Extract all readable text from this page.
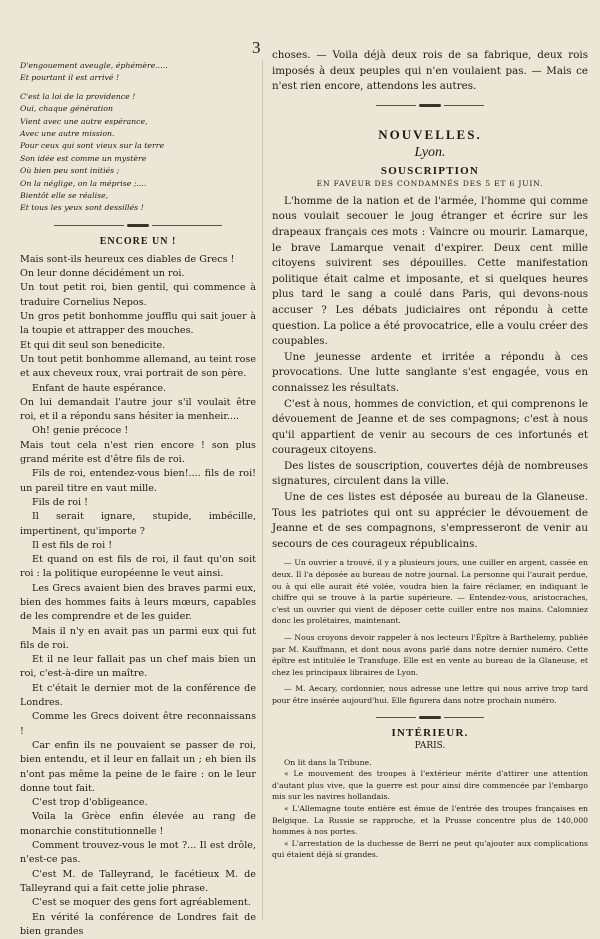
3

D'engouement aveugle, éphémère.....

Et pourtant il est arrivé !

C'est la loi de la providence !

Oui, chaque génération

Vient avec une autre espérance,

Avec une autre mission.

Pour ceux qui sont vieux sur la terre

Son idée est comme un mystère

Où bien peu sont initiés ;

On la néglige, on la méprise ;....

Bientôt elle se réalise,

Et tous les yeux sont dessillés !

ENCORE UN !

Mais sont-ils heureux ces diables de Grecs !

On leur donne décidément un roi.

Un tout petit roi, bien gentil, qui commence à traduire Cornelius Nepos.

Un gros petit bonhomme joufflu qui sait jouer à la toupie et attrapper des mouches.

Et qui dit seul son benedicite.

Un tout petit bonhomme allemand, au teint rose et aux cheveux roux, vrai portrait de son père.

Enfant de haute espérance.

On lui demandait l'autre jour s'il voulait être roi, et il a répondu sans hésiter ia menheir....

Oh! genie précoce !

Mais tout cela n'est rien encore ! son plus grand mérite est d'être fils de roi.

Fils de roi, entendez-vous bien!.... fils de roi! un pareil titre en vaut mille.

Fils de roi !

Il serait ignare, stupide, imbécille, impertinent, qu'importe ?

Il est fils de roi !

Et quand on est fils de roi, il faut qu'on soit roi : la politique européenne le veut ainsi.

Les Grecs avaient bien des braves parmi eux, bien des hommes faits à leurs mœurs, capables de les comprendre et de les guider.

Mais il n'y en avait pas un parmi eux qui fut fils de roi.

Et il ne leur fallait pas un chef mais bien un roi, c'est-à-dire un maître.

Et c'était le dernier mot de la conférence de Londres.

Comme les Grecs doivent être reconnaissans !

Car enfin ils ne pouvaient se passer de roi, bien entendu, et il leur en fallait un ; eh bien ils n'ont pas même la peine de le faire : on le leur donne tout fait.

C'est trop d'obligeance.

Voila la Grèce enfin élevée au rang de monarchie constitutionnelle !

Comment trouvez-vous le mot ?... Il est drôle, n'est-ce pas.

C'est M. de Talleyrand, le facétieux M. de Talleyrand qui a fait cette jolie phrase.

C'est se moquer des gens fort agréablement.

En vérité la conférence de Londres fait de bien grandes

choses. — Voila déjà deux rois de sa fabrique, deux rois imposés à deux peuples qui n'en voulaient pas. — Mais ce n'est rien encore, attendons les autres.

NOUVELLES.
Lyon.
SOUSCRIPTION
EN FAVEUR DES CONDAMNÉS DES 5 ET 6 JUIN.

L'homme de la nation et de l'armée, l'homme qui comme nous voulait secouer le joug étranger et écrire sur les drapeaux français ces mots : Vaincre ou mourir. Lamarque, le brave Lamarque venait d'expirer. Deux cent mille citoyens suivirent ses dépouilles. Cette manifestation politique était calme et imposante, et si quelques heures plus tard le sang a coulé dans Paris, qui devons-nous accuser ? Les débats judiciaires ont répondu à cette question. La police a été provocatrice, elle a voulu créer des coupables.

Une jeunesse ardente et irritée a répondu à ces provocations. Une lutte sanglante s'est engagée, vous en connaissez les résultats.

C'est à nous, hommes de conviction, et qui comprenons le dévouement de Jeanne et de ses compagnons; c'est à nous qu'il appartient de venir au secours de ces infortunés et courageux citoyens.

Des listes de souscription, couvertes déjà de nombreuses signatures, circulent dans la ville.

Une de ces listes est déposée au bureau de la Glaneuse. Tous les patriotes qui ont su apprécier le dévouement de Jeanne et de ses compagnons, s'empresseront de venir au secours de ces courageux républicains.

— Un ouvrier a trouvé, il y a plusieurs jours, une cuiller en argent, cassée en deux. Il l'a déposée au bureau de notre journal. La personne qui l'aurait perdue, ou à qui elle aurait été volée, voudra bien la faire réclamer, en indiquant le chiffre qui se trouve à la partie supérieure. — Entendez-vous, aristocraches, c'est un ouvrier qui vient de déposer cette cuiller entre nos mains. Calomniez donc les prolétaires, maintenant.

— Nous croyons devoir rappeler à nos lecteurs l'Épître à Barthelemy, publiée par M. Kauffmann, et dont nous avons parlé dans notre dernier numéro. Cette épître est intitulée le Transfuge. Elle est en vente au bureau de la Glaneuse, et chez les principaux libraires de Lyon.

— M. Aecary, cordonnier, nous adresse une lettre qui nous arrive trop tard pour être insérée aujourd'hui. Elle figurera dans notre prochain numéro.

INTÉRIEUR.
PARIS.

On lit dans la Tribune.

« Le mouvement des troupes à l'extérieur mérite d'attirer une attention d'autant plus vive, que la guerre est pour ainsi dire commencée par l'embargo mis sur les navires hollandais.

« L'Allemagne toute entière est émue de l'entrée des troupes françaises en Belgique. La Russie se rapproche, et la Prusse concentre plus de 140,000 hommes à nos portes.

« L'arrestation de la duchesse de Berri ne peut qu'ajouter aux complications qui étaient déjà si grandes.
